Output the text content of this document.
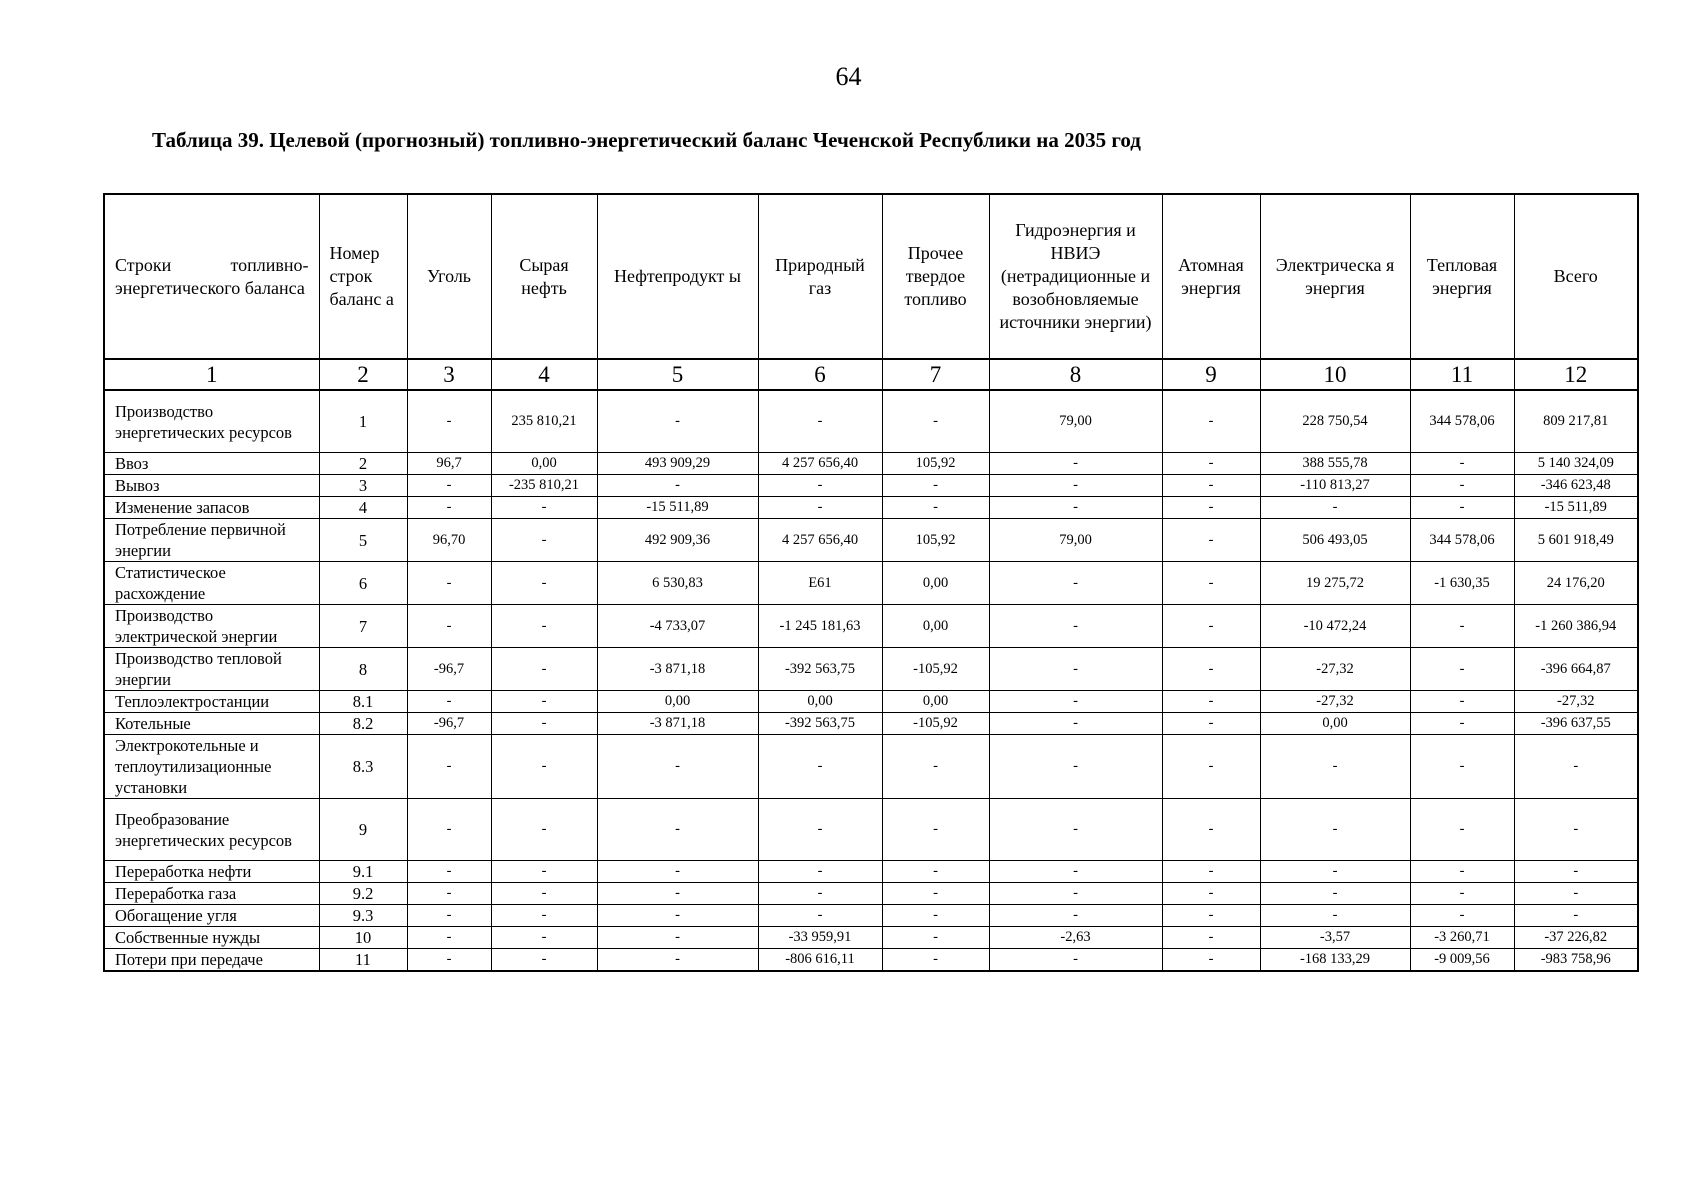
64
Таблица 39. Целевой (прогнозный) топливно-энергетический баланс Чеченской Республики на 2035 год
Строки топливно-энергетического баланса	Номер строк баланс а	Уголь	Сырая нефть	Нефтепродукт ы	Природный газ	Прочее твердое топливо	Гидроэнергия и НВИЭ (нетрадиционные и возобновляемые источники энергии)	Атомная энергия	Электрическа я энергия	Тепловая энергия	Всего
1	2	3	4	5	6	7	8	9	10	11	12
Производство энергетических ресурсов	1	-	235 810,21	-	-	-	79,00	-	228 750,54	344 578,06	809 217,81
Ввоз	2	96,7	0,00	493 909,29	4 257 656,40	105,92	-	-	388 555,78	-	5 140 324,09
Вывоз	3	-	-235 810,21	-	-	-	-	-	-110 813,27	-	-346 623,48
Изменение запасов	4	-	-	-15 511,89	-	-	-	-	-	-	-15 511,89
Потребление первичной энергии	5	96,70	-	492 909,36	4 257 656,40	105,92	79,00	-	506 493,05	344 578,06	5 601 918,49
Статистическое расхождение	6	-	-	6 530,83	E61	0,00	-	-	19 275,72	-1 630,35	24 176,20
Производство электрической энергии	7	-	-	-4 733,07	-1 245 181,63	0,00	-	-	-10 472,24	-	-1 260 386,94
Производство тепловой энергии	8	-96,7	-	-3 871,18	-392 563,75	-105,92	-	-	-27,32	-	-396 664,87
Теплоэлектростанции	8.1	-	-	0,00	0,00	0,00	-	-	-27,32	-	-27,32
Котельные	8.2	-96,7	-	-3 871,18	-392 563,75	-105,92	-	-	0,00	-	-396 637,55
Электрокотельные и теплоутилизационные установки	8.3	-	-	-	-	-	-	-	-	-	-
Преобразование энергетических ресурсов	9	-	-	-	-	-	-	-	-	-	-
Переработка нефти	9.1	-	-	-	-	-	-	-	-	-	-
Переработка газа	9.2	-	-	-	-	-	-	-	-	-	-
Обогащение угля	9.3	-	-	-	-	-	-	-	-	-	-
Собственные нужды	10	-	-	-	-33 959,91	-	-2,63	-	-3,57	-3 260,71	-37 226,82
Потери при передаче	11	-	-	-	-806 616,11	-	-	-	-168 133,29	-9 009,56	-983 758,96
